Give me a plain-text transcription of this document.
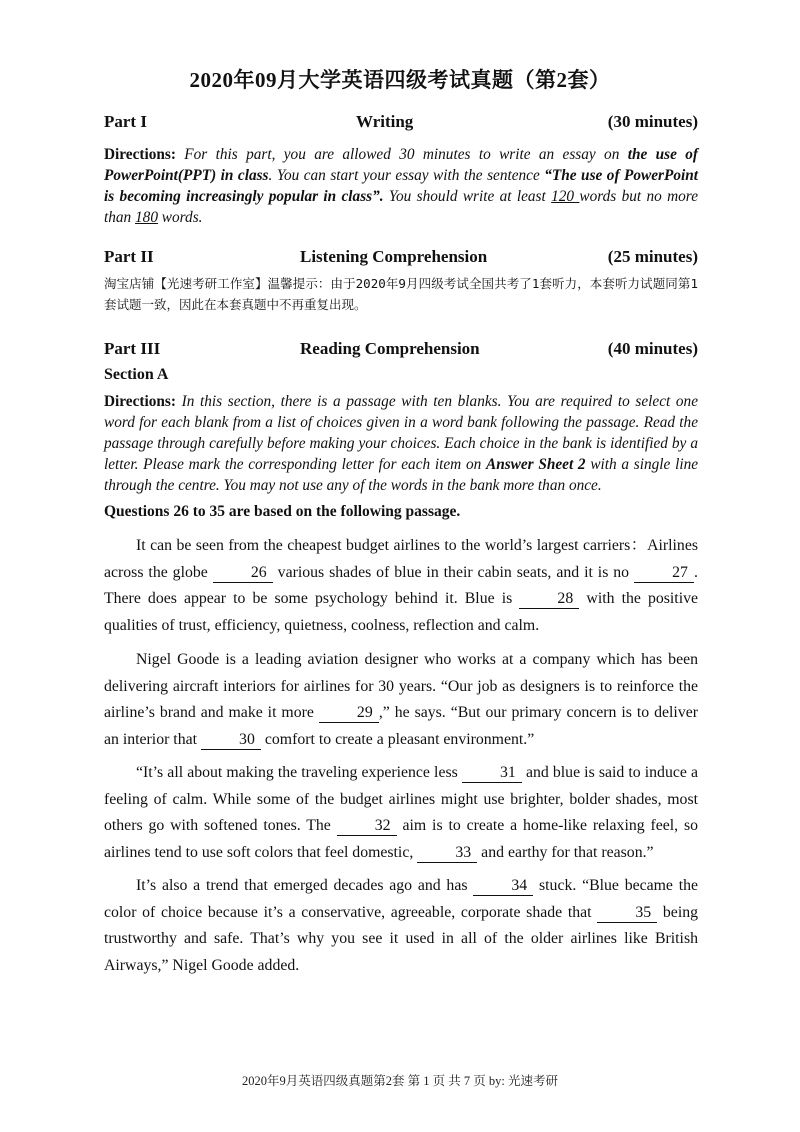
2020年09月大学英语四级考试真题（第2套）
Part I	Writing	(30 minutes)
Directions: For this part, you are allowed 30 minutes to write an essay on the use of PowerPoint(PPT) in class. You can start your essay with the sentence “The use of PowerPoint is becoming increasingly popular in class”. You should write at least 120 words but no more than 180 words.
Part II	Listening Comprehension	(25 minutes)
淘宝店铺【光速考研工作室】温馨提示：由于2020年9月四级考试全国共考了1套听力，本套听力试题同第1套试题一致，因此在本套真题中不再重复出现。
Part III	Reading Comprehension	(40 minutes)
Section A
Directions: In this section, there is a passage with ten blanks. You are required to select one word for each blank from a list of choices given in a word bank following the passage. Read the passage through carefully before making your choices. Each choice in the bank is identified by a letter. Please mark the corresponding letter for each item on Answer Sheet 2 with a single line through the centre. You may not use any of the words in the bank more than once.
Questions 26 to 35 are based on the following passage.

It can be seen from the cheapest budget airlines to the world’s largest carriers：Airlines across the globe 26 various shades of blue in their cabin seats, and it is no 27 . There does appear to be some psychology behind it. Blue is 28 with the positive qualities of trust, efficiency, quietness, coolness, reflection and calm.

Nigel Goode is a leading aviation designer who works at a company which has been delivering aircraft interiors for airlines for 30 years. “Our job as designers is to reinforce the airline’s brand and make it more 29 ,” he says. “But our primary concern is to deliver an interior that 30 comfort to create a pleasant environment.”

“It’s all about making the traveling experience less 31 and blue is said to induce a feeling of calm. While some of the budget airlines might use brighter, bolder shades, most others go with softened tones. The 32 aim is to create a home-like relaxing feel, so airlines tend to use soft colors that feel domestic, 33 and earthy for that reason.”

It’s also a trend that emerged decades ago and has 34 stuck. “Blue became the color of choice because it’s a conservative, agreeable, corporate shade that 35 being trustworthy and safe. That’s why you see it used in all of the older airlines like British Airways,” Nigel Goode added.

2020年9月英语四级真题第2套 第 1 页 共 7 页 by: 光速考研
